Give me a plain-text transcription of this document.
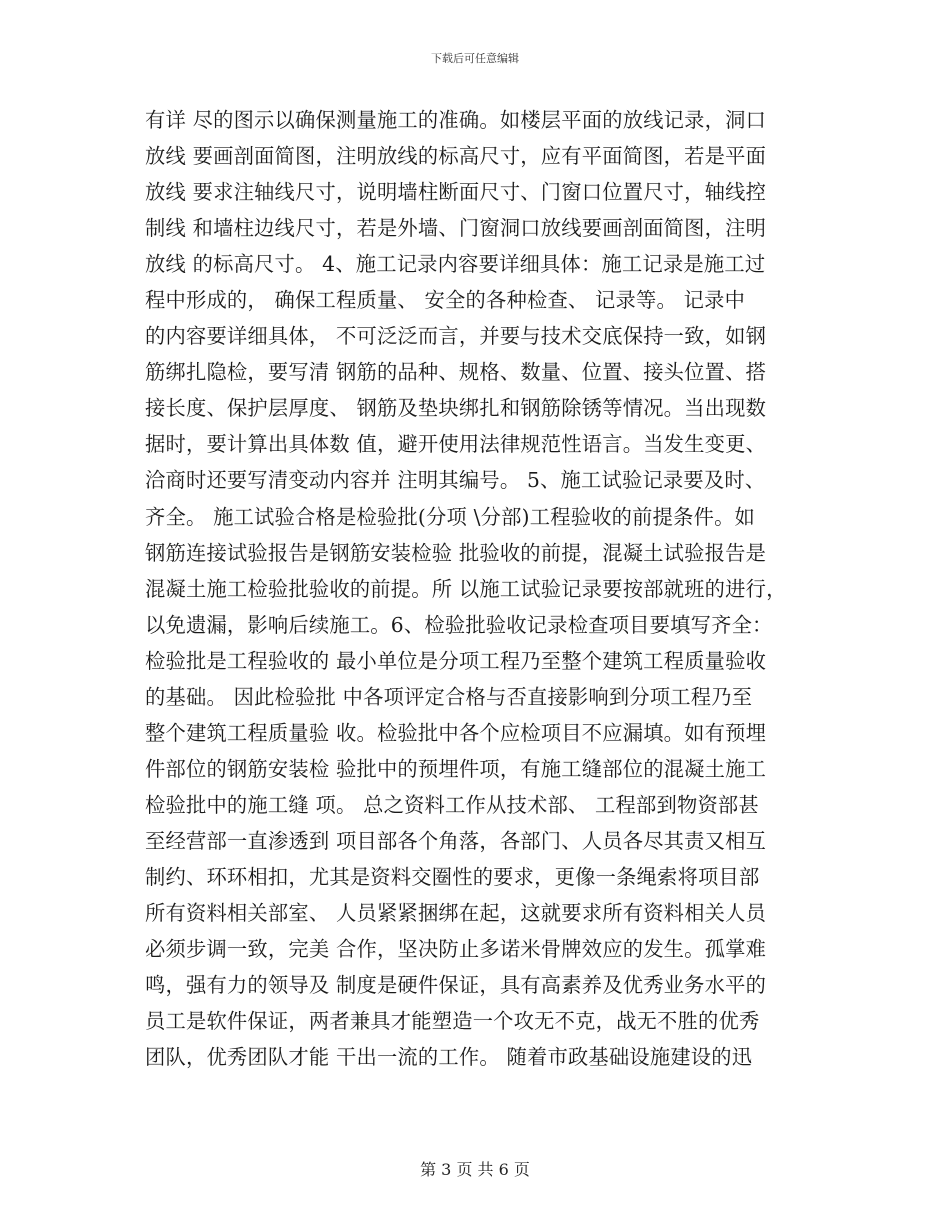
下载后可任意编辑
有详 尽的图示以确保测量施工的准确。如楼层平面的放线记录，洞口
放线 要画剖面简图，注明放线的标高尺寸，应有平面简图，若是平面
放线 要求注轴线尺寸，说明墙柱断面尺寸、门窗口位置尺寸，轴线控
制线 和墙柱边线尺寸，若是外墙、门窗洞口放线要画剖面简图，注明
放线 的标高尺寸。 4、施工记录内容要详细具体：施工记录是施工过
程中形成的， 确保工程质量、 安全的各种检查、 记录等。 记录中
的内容要详细具体， 不可泛泛而言，并要与技术交底保持一致，如钢
筋绑扎隐检，要写清 钢筋的品种、规格、数量、位置、接头位置、搭
接长度、保护层厚度、 钢筋及垫块绑扎和钢筋除锈等情况。当出现数
据时，要计算出具体数 值，避开使用法律规范性语言。当发生变更、
洽商时还要写清变动内容并 注明其编号。 5、施工试验记录要及时、
齐全。 施工试验合格是检验批(分项 \分部)工程验收的前提条件。如
钢筋连接试验报告是钢筋安装检验 批验收的前提，混凝土试验报告是
混凝土施工检验批验收的前提。所 以施工试验记录要按部就班的进行，
以免遗漏，影响后续施工。6、检验批验收记录检查项目要填写齐全：
检验批是工程验收的 最小单位是分项工程乃至整个建筑工程质量验收
的基础。 因此检验批 中各项评定合格与否直接影响到分项工程乃至
整个建筑工程质量验 收。检验批中各个应检项目不应漏填。如有预埋
件部位的钢筋安装检 验批中的预埋件项，有施工缝部位的混凝土施工
检验批中的施工缝 项。 总之资料工作从技术部、 工程部到物资部甚
至经营部一直渗透到 项目部各个角落，各部门、人员各尽其责又相互
制约、环环相扣，尤其是资料交圈性的要求，更像一条绳索将项目部
所有资料相关部室、 人员紧紧捆绑在起，这就要求所有资料相关人员
必须步调一致，完美 合作，坚决防止多诺米骨牌效应的发生。孤掌难
鸣，强有力的领导及 制度是硬件保证，具有高素养及优秀业务水平的
员工是软件保证，两者兼具才能塑造一个攻无不克，战无不胜的优秀
团队，优秀团队才能 干出一流的工作。 随着市政基础设施建设的迅
第 3 页 共 6 页
